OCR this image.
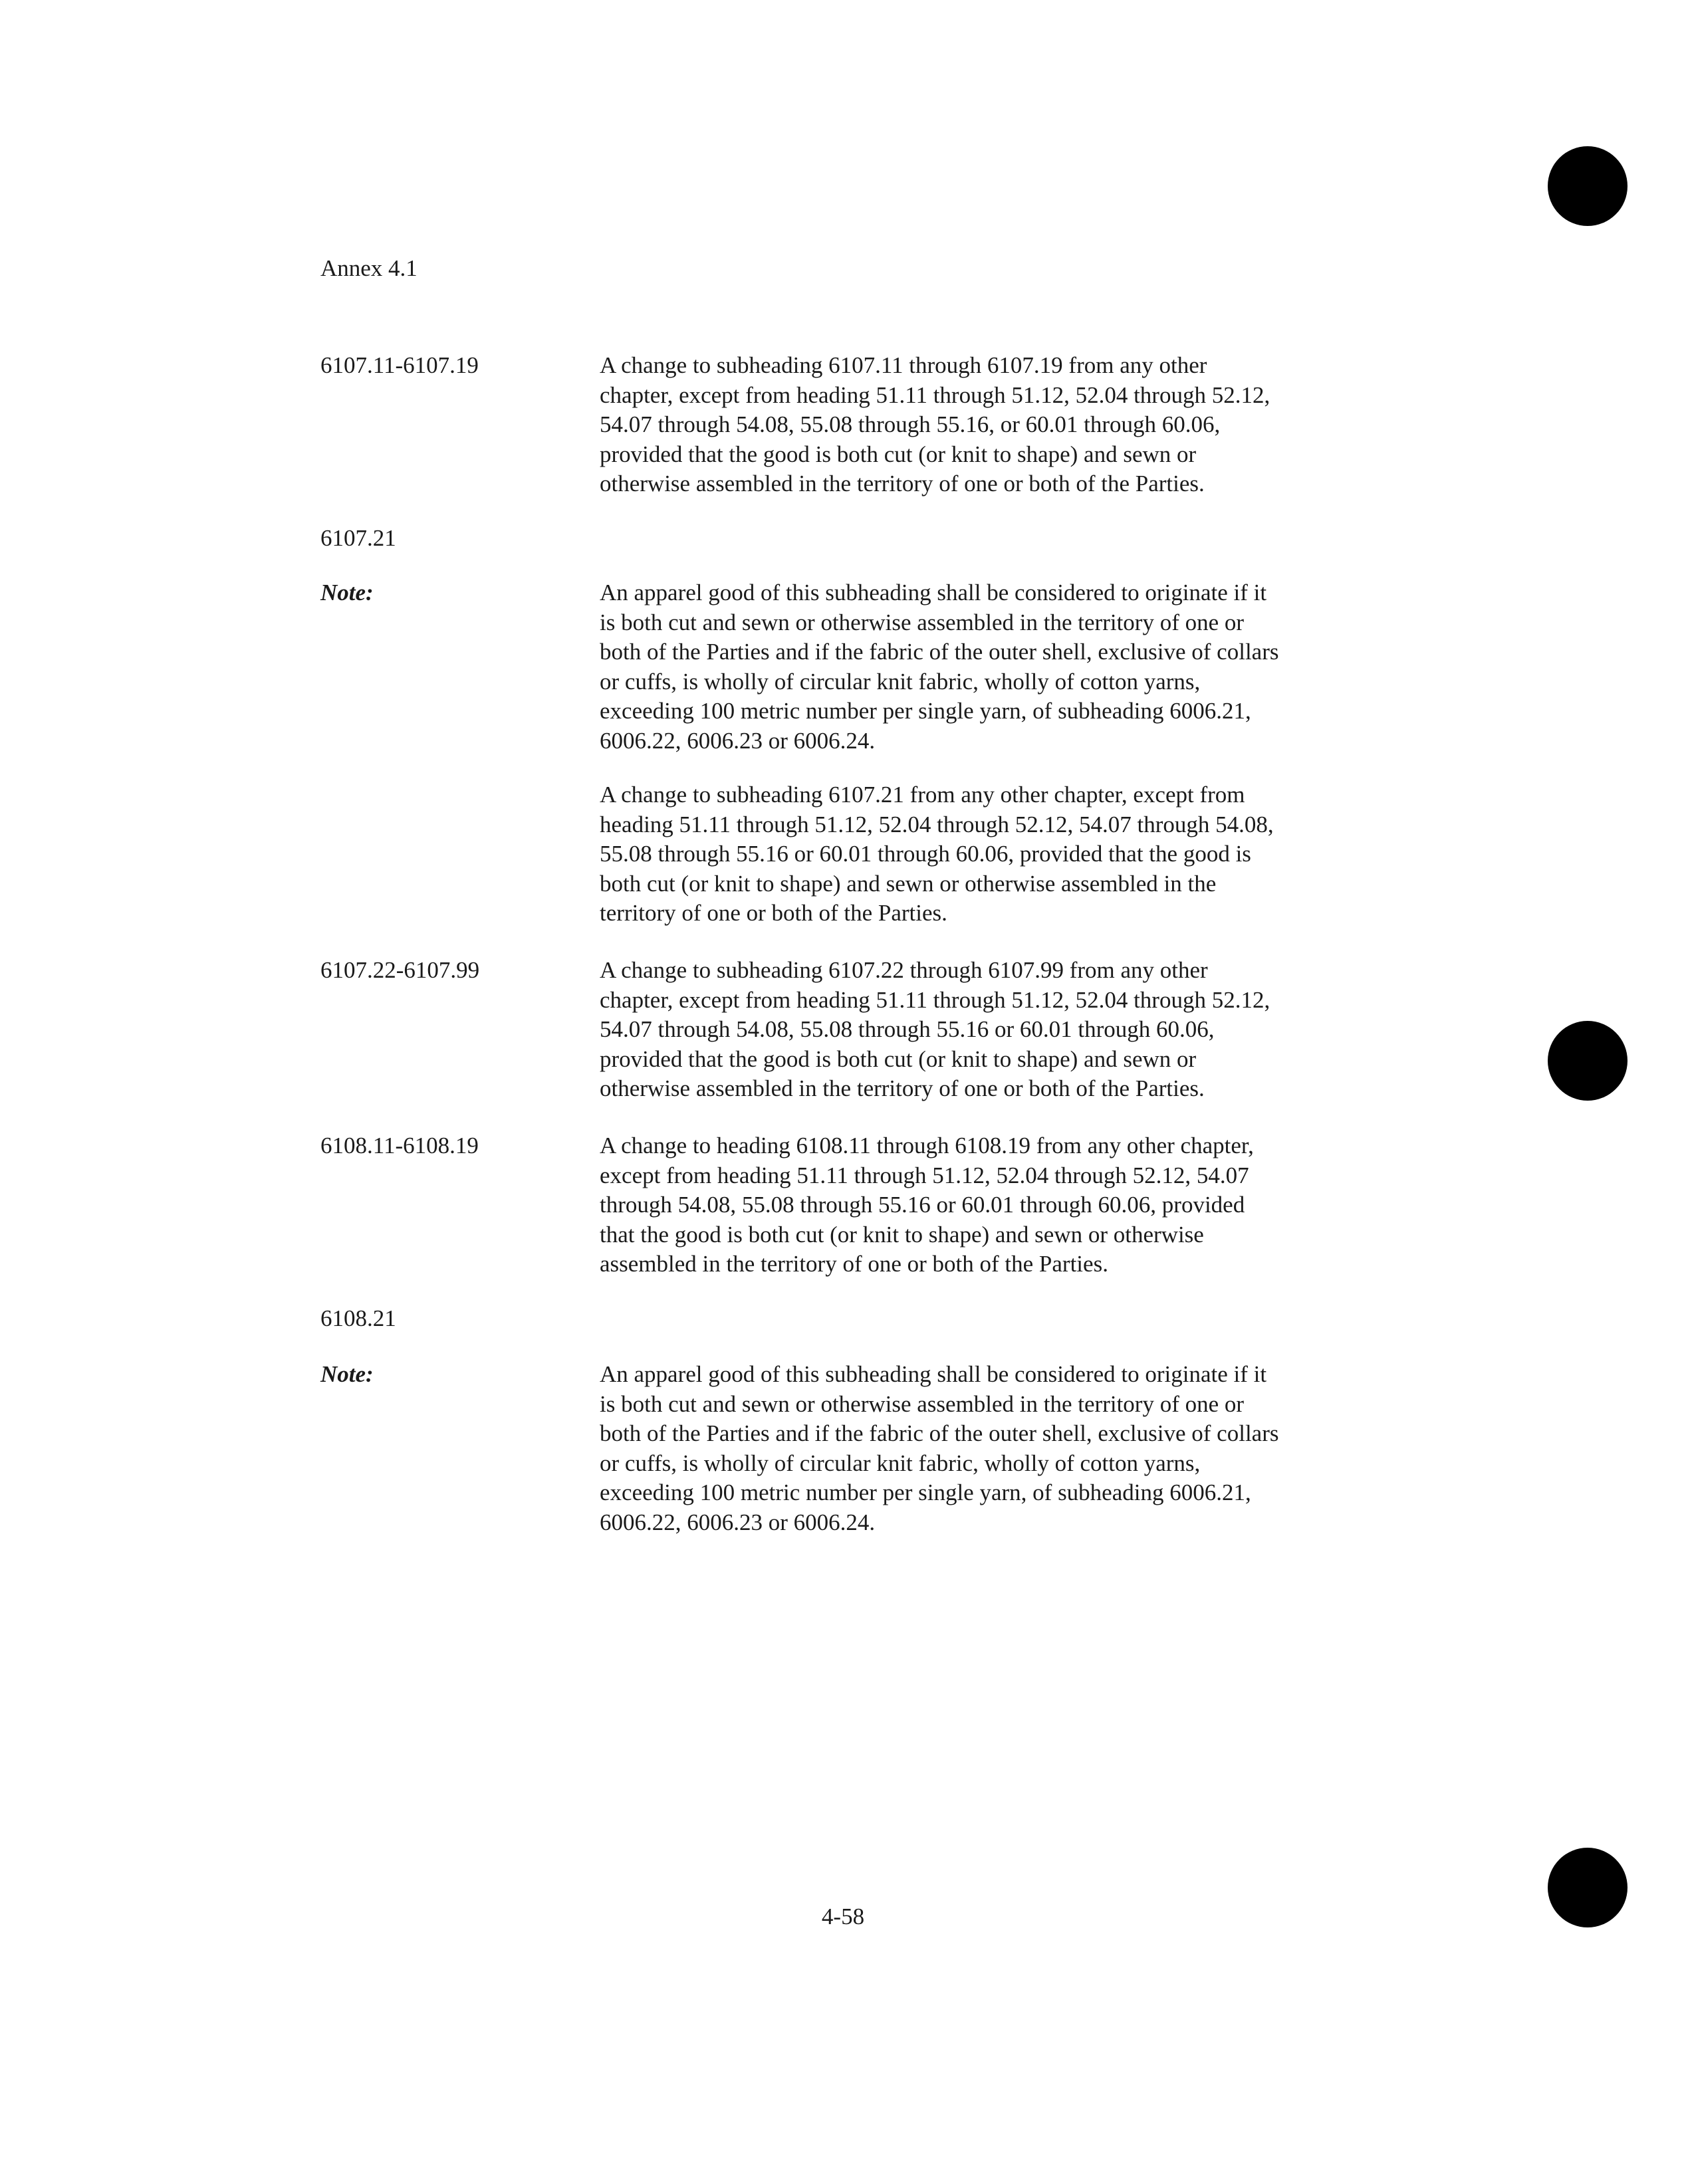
Annex 4.1
6107.11-6107.19	A change to subheading 6107.11 through 6107.19 from any other
chapter, except from heading 51.11 through 51.12, 52.04 through 52.12,
54.07 through 54.08, 55.08 through 55.16, or 60.01 through 60.06,
provided that the good is both cut (or knit to shape) and sewn or
otherwise assembled in the territory of one or both of the Parties.
6107.21
Note:	An apparel good of this subheading shall be considered to originate if it
is both cut and sewn or otherwise assembled in the territory of one or
both of the Parties and if the fabric of the outer shell, exclusive of collars
or cuffs, is wholly of circular knit fabric, wholly of cotton yarns,
exceeding 100 metric number per single yarn, of subheading 6006.21,
6006.22, 6006.23 or 6006.24.
A change to subheading 6107.21 from any other chapter, except from
heading 51.11 through 51.12, 52.04 through 52.12, 54.07 through 54.08,
55.08 through 55.16 or 60.01 through 60.06, provided that the good is
both cut (or knit to shape) and sewn or otherwise assembled in the
territory of one or both of the Parties.
6107.22-6107.99	A change to subheading 6107.22 through 6107.99 from any other
chapter, except from heading 51.11 through 51.12, 52.04 through 52.12,
54.07 through 54.08, 55.08 through 55.16 or 60.01 through 60.06,
provided that the good is both cut (or knit to shape) and sewn or
otherwise assembled in the territory of one or both of the Parties.
6108.11-6108.19	A change to heading 6108.11 through 6108.19 from any other chapter,
except from heading 51.11 through 51.12, 52.04 through 52.12, 54.07
through 54.08, 55.08 through 55.16 or 60.01 through 60.06, provided
that the good is both cut (or knit to shape) and sewn or otherwise
assembled in the territory of one or both of the Parties.
6108.21
Note:	An apparel good of this subheading shall be considered to originate if it
is both cut and sewn or otherwise assembled in the territory of one or
both of the Parties and if the fabric of the outer shell, exclusive of collars
or cuffs, is wholly of circular knit fabric, wholly of cotton yarns,
exceeding 100 metric number per single yarn, of subheading 6006.21,
6006.22, 6006.23 or 6006.24.
4-58
